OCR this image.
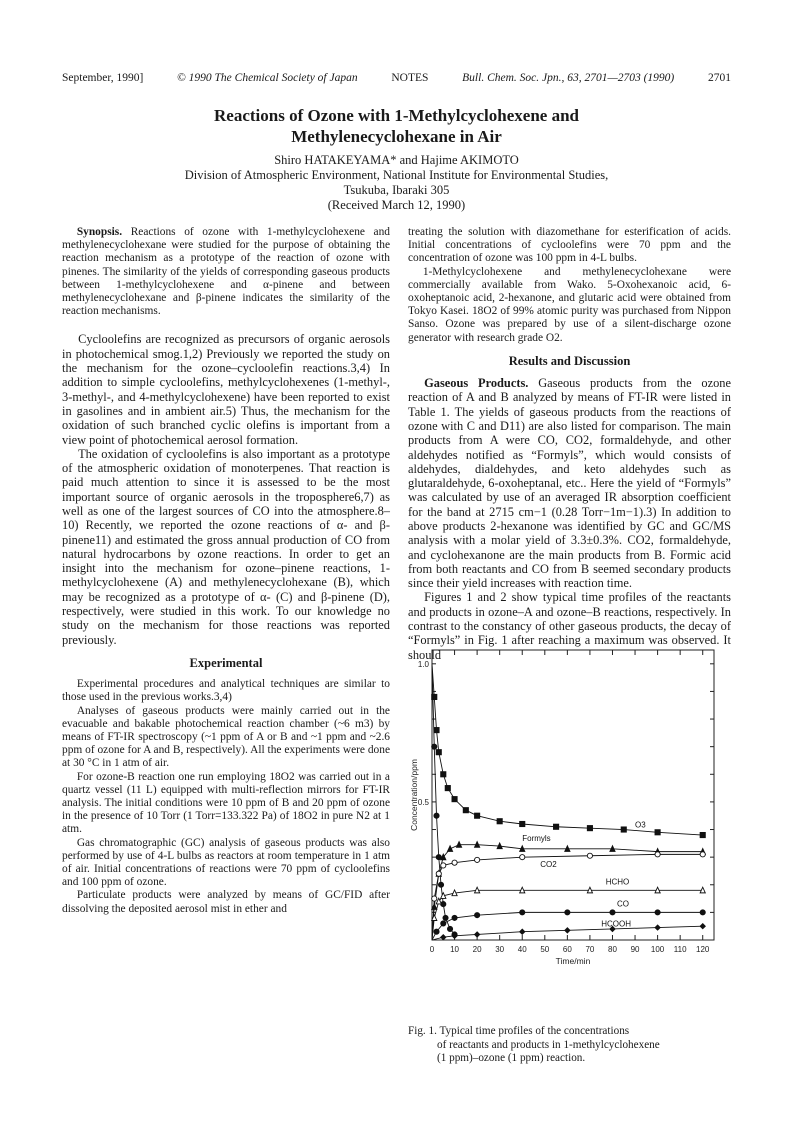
September, 1990]	© 1990 The Chemical Society of Japan	NOTES	Bull. Chem. Soc. Jpn., 63, 2701—2703 (1990)	2701
Reactions of Ozone with 1-Methylcyclohexene and
Methylenecyclohexane in Air
Shiro HATAKEYAMA* and Hajime AKIMOTO
Division of Atmospheric Environment, National Institute for Environmental Studies,
Tsukuba, Ibaraki 305
(Received March 12, 1990)

Synopsis. Reactions of ozone with 1-methylcyclohexene and methylenecyclohexane were studied for the purpose of obtaining the reaction mechanism as a prototype of the reaction of ozone with pinenes. The similarity of the yields of corresponding gaseous products between 1-methylcyclohexene and α-pinene and between methylenecyclohexane and β-pinene indicates the similarity of the reaction mechanisms.

Cycloolefins are recognized as precursors of organic aerosols in photochemical smog.1,2) Previously we reported the study on the mechanism for the ozone–cycloolefin reactions.3,4) In addition to simple cycloolefins, methylcyclohexenes (1-methyl-, 3-methyl-, and 4-methylcyclohexene) have been reported to exist in gasolines and in ambient air.5) Thus, the mechanism for the oxidation of such branched cyclic olefins is important from a view point of photochemical aerosol formation.

The oxidation of cycloolefins is also important as a prototype of the atmospheric oxidation of monoterpenes. That reaction is paid much attention to since it is assessed to be the most important source of organic aerosols in the troposphere6,7) as well as one of the largest sources of CO into the atmosphere.8–10) Recently, we reported the ozone reactions of α- and β-pinene11) and estimated the gross annual production of CO from natural hydrocarbons by ozone reactions. In order to get an insight into the mechanism for ozone–pinene reactions, 1-methylcyclohexene (A) and methylenecyclohexane (B), which may be recognized as a prototype of α- (C) and β-pinene (D), respectively, were studied in this work. To our knowledge no study on the mechanism for those reactions was reported previously.

Experimental

Experimental procedures and analytical techniques are similar to those used in the previous works.3,4)

Analyses of gaseous products were mainly carried out in the evacuable and bakable photochemical reaction chamber (~6 m3) by means of FT-IR spectroscopy (~1 ppm of A or B and ~1 ppm and ~2.6 ppm of ozone for A and B, respectively). All the experiments were done at 30 °C in 1 atm of air.

For ozone-B reaction one run employing 18O2 was carried out in a quartz vessel (11 L) equipped with multi-reflection mirrors for FT-IR analysis. The initial conditions were 10 ppm of B and 20 ppm of ozone in the presence of 10 Torr (1 Torr=133.322 Pa) of 18O2 in pure N2 at 1 atm.

Gas chromatographic (GC) analysis of gaseous products was also performed by use of 4-L bulbs as reactors at room temperature in 1 atm of air. Initial concentrations of reactions were 70 ppm of cycloolefins and 100 ppm of ozone.

Particulate products were analyzed by means of GC/FID after dissolving the deposited aerosol mist in ether and

treating the solution with diazomethane for esterification of acids. Initial concentrations of cycloolefins were 70 ppm and the concentration of ozone was 100 ppm in 4-L bulbs.

1-Methylcyclohexene and methylenecyclohexane were commercially available from Wako. 5-Oxohexanoic acid, 6-oxoheptanoic acid, 2-hexanone, and glutaric acid were obtained from Tokyo Kasei. 18O2 of 99% atomic purity was purchased from Nippon Sanso. Ozone was prepared by use of a silent-discharge ozone generator with research grade O2.

Results and Discussion

Gaseous Products. Gaseous products from the ozone reaction of A and B analyzed by means of FT-IR were listed in Table 1. The yields of gaseous products from the reactions of ozone with C and D11) are also listed for comparison. The main products from A were CO, CO2, formaldehyde, and other aldehydes notified as “Formyls”, which would consists of aldehydes, dialdehydes, and keto aldehydes such as glutaraldehyde, 6-oxoheptanal, etc.. Here the yield of “Formyls” was calculated by use of an averaged IR absorption coefficient for the band at 2715 cm−1 (0.28 Torr−1m−1).3) In addition to above products 2-hexanone was identified by GC and GC/MS analysis with a molar yield of 3.3±0.3%. CO2, formaldehyde, and cyclohexanone are the main products from B. Formic acid from both reactants and CO from B seemed secondary products since their yield increases with reaction time.

Figures 1 and 2 show typical time profiles of the reactants and products in ozone–A and ozone–B reactions, respectively. In contrast to the constancy of other gaseous products, the decay of “Formyls” in Fig. 1 after reaching a maximum was observed. It should

0 10 20 30 40 50 60 70 80 90 100 110 120
0.5
1.0
Time/min
Concentration/ppm	O3
Formyls
CO2
HCHO
CO
HCOOH
Fig. 1. Typical time profiles of the concentrations
of reactants and products in 1-methylcyclohexene
(1 ppm)–ozone (1 ppm) reaction.
